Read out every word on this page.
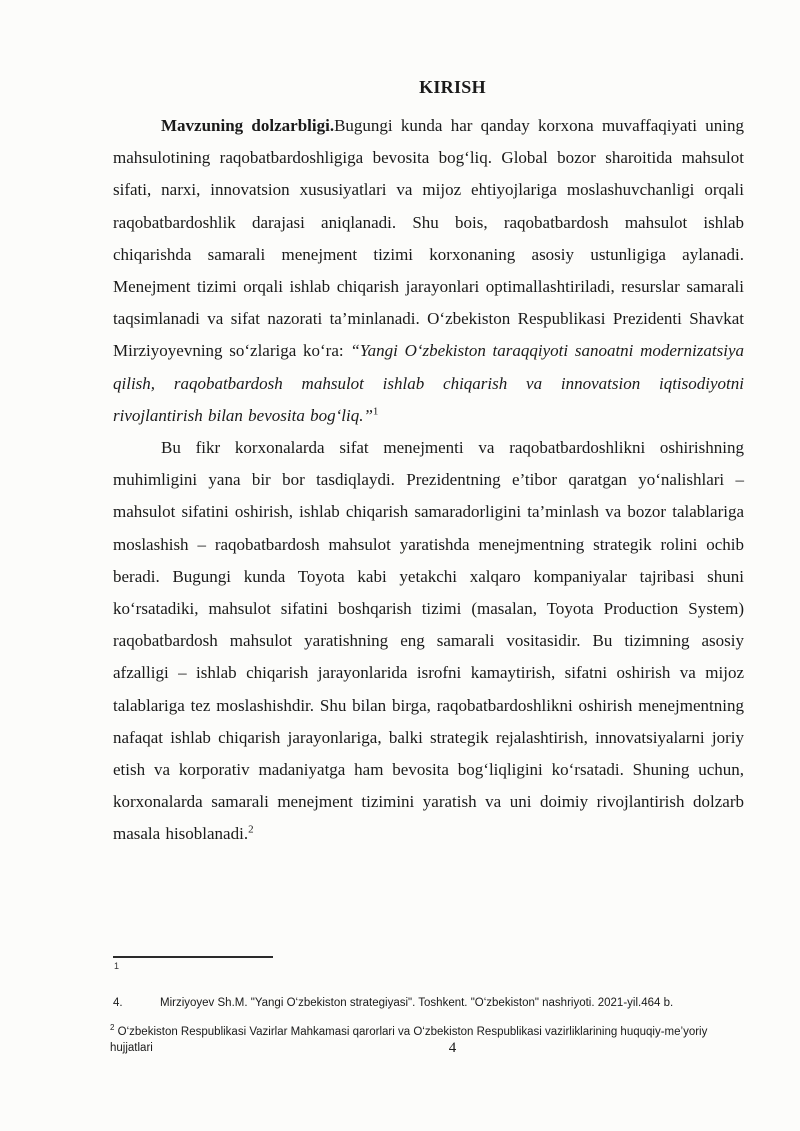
KIRISH

Mavzuning dolzarbligi.Bugungi kunda har qanday korxona muvaffaqiyati uning mahsulotining raqobatbardoshligiga bevosita bog‘liq. Global bozor sharoitida mahsulot sifati, narxi, innovatsion xususiyatlari va mijoz ehtiyojlariga moslashuvchanligi orqali raqobatbardoshlik darajasi aniqlanadi. Shu bois, raqobatbardosh mahsulot ishlab chiqarishda samarali menejment tizimi korxonaning asosiy ustunligiga aylanadi. Menejment tizimi orqali ishlab chiqarish jarayonlari optimallashtiriladi, resurslar samarali taqsimlanadi va sifat nazorati ta’minlanadi. O‘zbekiston Respublikasi Prezidenti Shavkat Mirziyoyevning so‘zlariga ko‘ra: “Yangi O‘zbekiston taraqqiyoti sanoatni modernizatsiya qilish, raqobatbardosh mahsulot ishlab chiqarish va innovatsion iqtisodiyotni rivojlantirish bilan bevosita bog‘liq.”$^1$

Bu fikr korxonalarda sifat menejmenti va raqobatbardoshlikni oshirishning muhimligini yana bir bor tasdiqlaydi. Prezidentning e’tibor qaratgan yo‘nalishlari – mahsulot sifatini oshirish, ishlab chiqarish samaradorligini ta’minlash va bozor talablariga moslashish – raqobatbardosh mahsulot yaratishda menejmentning strategik rolini ochib beradi. Bugungi kunda Toyota kabi yetakchi xalqaro kompaniyalar tajribasi shuni ko‘rsatadiki, mahsulot sifatini boshqarish tizimi (masalan, Toyota Production System) raqobatbardosh mahsulot yaratishning eng samarali vositasidir. Bu tizimning asosiy afzalligi – ishlab chiqarish jarayonlarida isrofni kamaytirish, sifatni oshirish va mijoz talablariga tez moslashishdir. Shu bilan birga, raqobatbardoshlikni oshirish menejmentning nafaqat ishlab chiqarish jarayonlariga, balki strategik rejalashtirish, innovatsiyalarni joriy etish va korporativ madaniyatga ham bevosita bog‘liqligini ko‘rsatadi. Shuning uchun, korxonalarda samarali menejment tizimini yaratish va uni doimiy rivojlantirish dolzarb masala hisoblanadi.$^2$

1
4.	Mirziyoyev Sh.M. "Yangi O‘zbekiston strategiyasi". Toshkent. "O‘zbekiston" nashriyoti. 2021-yil.464 b.
$^2$ O‘zbekiston Respublikasi Vazirlar Mahkamasi qarorlari va O‘zbekiston Respublikasi vazirliklarining huquqiy-me’yoriy hujjatlari	4
